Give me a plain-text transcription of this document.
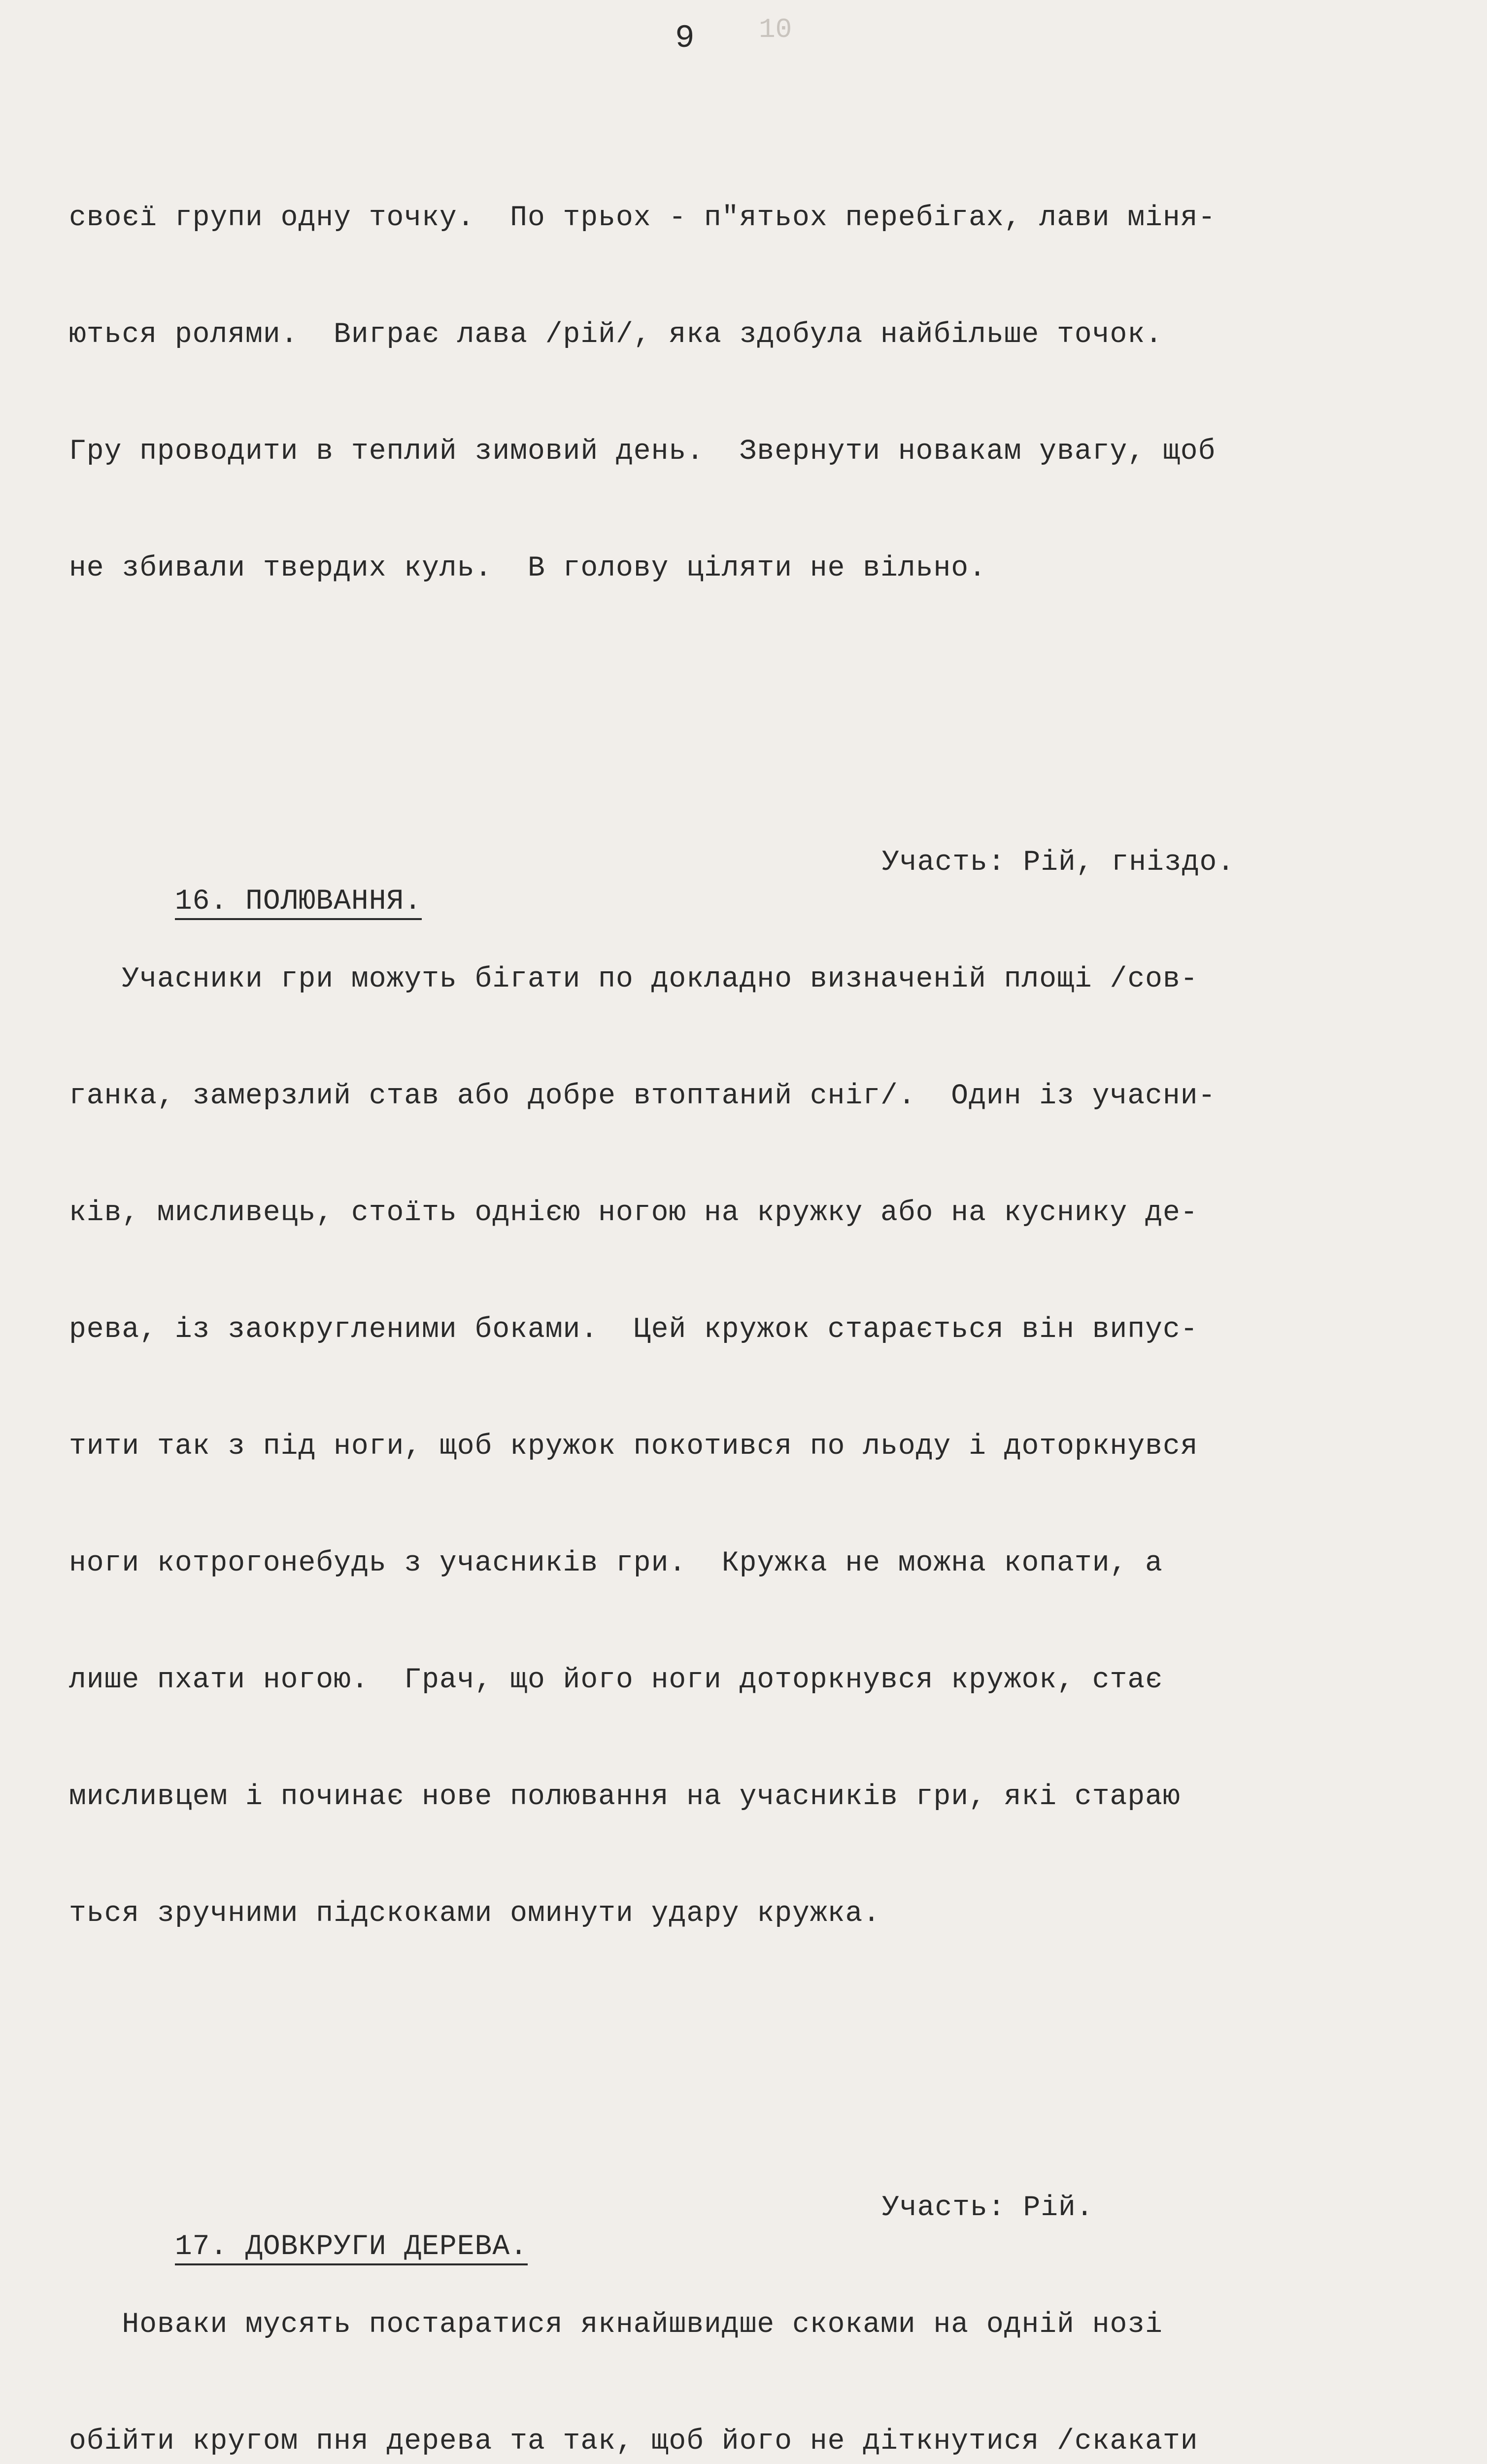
9 10

своєї групи одну точку.  По трьох - п"ятьох перебігах, лави міня-

ються ролями.  Виграє лава /рій/, яка здобула найбільше точок.

Гру проводити в теплий зимовий день.  Звернути новакам увагу, щоб

не збивали твердих куль.  В голову ціляти не вільно.

16. ПОЛЮВАННЯ.

Участь: Рій, гніздо.

Учасники гри можуть бігати по докладно визначеній площі /сов-

ганка, замерзлий став або добре втоптаний сніг/.  Один із учасни-

ків, мисливець, стоїть однією ногою на кружку або на куснику де-

рева, із заокругленими боками.  Цей кружок старається він випус-

тити так з під ноги, щоб кружок покотився по льоду і доторкнувся

ноги котрогонебудь з учасників гри.  Кружка не можна копати, а

лише пхати ногою.  Грач, що його ноги доторкнувся кружок, стає

мисливцем і починає нове полювання на учасників гри, які стараю

ться зручними підскоками оминути удару кружка.

17. ДОВКРУГИ ДЕРЕВА.

Участь: Рій.

Новаки мусять постаратися якнайшвидше скоками на одній нозі

обійти кругом пня дерева та так, щоб його не діткнутися /скакати
